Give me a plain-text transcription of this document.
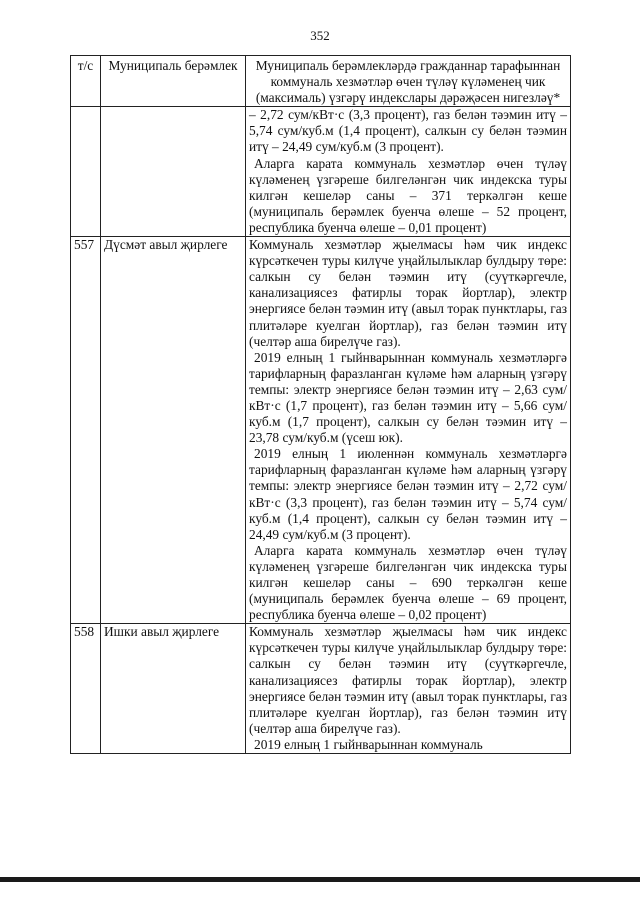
352
т/с	Муниципаль берәмлек	Муниципаль берәмлекләрдә гражданнар тарафыннан коммуналь хезмәтләр өчен түләү күләменең чик (максималь) үзгәрү индекслары дәрәҗәсен нигезләү*

		– 2,72 сум/кВт·с (3,3 процент), газ белән тәэмин итү – 5,74 сум/куб.м (1,4 процент), салкын су белән тәэмин итү – 24,49 сум/куб.м (3 процент).

Аларга карата коммуналь хезмәтләр өчен түләү күләменең үзгәреше билгеләнгән чик индекска туры килгән кешеләр саны – 371 теркәлгән кеше (муниципаль берәмлек буенча өлеше – 52 процент, республика буенча өлеше – 0,01 процент)

557	Дүсмәт авыл җирлеге	Коммуналь хезмәтләр җыелмасы һәм чик индекс күрсәткечен туры килүче уңайлылыклар булдыру төре: салкын су белән тәэмин итү (суүткәргечле, канализациясез фатирлы торак йортлар), электр энергиясе белән тәэмин итү (авыл торак пунктлары, газ плитәләре куелган йортлар), газ белән тәэмин итү (челтәр аша бирелүче газ).

2019 елның 1 гыйнварыннан коммуналь хезмәтләргә тарифларның фаразланган күләме һәм аларның үзгәрү темпы: электр энергиясе белән тәэмин итү – 2,63 сум/кВт·с (1,7 процент), газ белән тәэмин итү – 5,66 сум/куб.м (1,7 процент), салкын су белән тәэмин итү – 23,78 сум/куб.м (үсеш юк).

2019 елның 1 июленнән коммуналь хезмәтләргә тарифларның фаразланган күләме һәм аларның үзгәрү темпы: электр энергиясе белән тәэмин итү – 2,72 сум/кВт·с (3,3 процент), газ белән тәэмин итү – 5,74 сум/куб.м (1,4 процент), салкын су белән тәэмин итү – 24,49 сум/куб.м (3 процент).

Аларга карата коммуналь хезмәтләр өчен түләү күләменең үзгәреше билгеләнгән чик индекска туры килгән кешеләр саны – 690 теркәлгән кеше (муниципаль берәмлек буенча өлеше – 69 процент, республика буенча өлеше – 0,02 процент)

558	Ишки авыл җирлеге	Коммуналь хезмәтләр җыелмасы һәм чик индекс күрсәткечен туры килүче уңайлылыклар булдыру төре: салкын су белән тәэмин итү (суүткәргечле, канализациясез фатирлы торак йортлар), электр энергиясе белән тәэмин итү (авыл торак пунктлары, газ плитәләре куелган йортлар), газ белән тәэмин итү (челтәр аша бирелүче газ).

2019 елның 1 гыйнварыннан коммуналь
